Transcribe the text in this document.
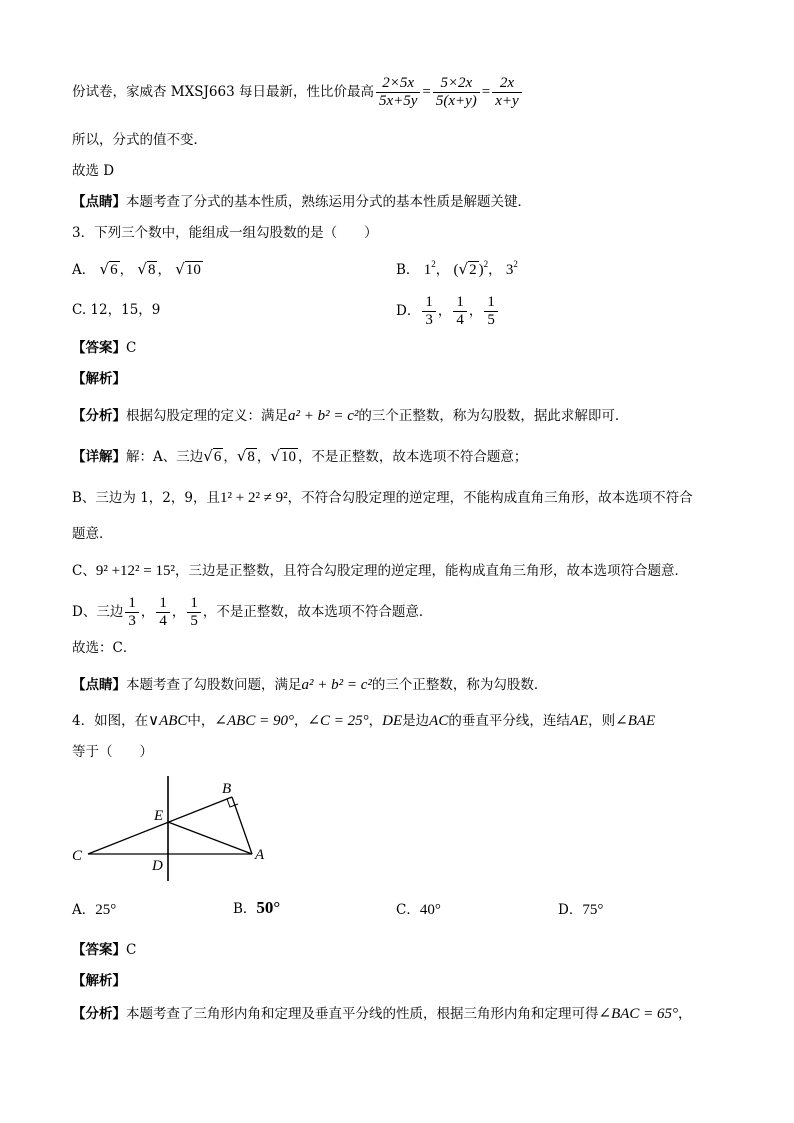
份试卷，家威杏 MXSJ663 每日最新，性比价最高 $\frac{2\times 5x}{5x+5y} = \frac{5\times 2x}{5(x+y)} = \frac{2x}{x+y}$
所以，分式的值不变．
故选 D
【点睛】本题考查了分式的基本性质，熟练运用分式的基本性质是解题关键．
3．下列三个数中，能组成一组勾股数的是（　　）
A． √6 ， √8 ， √10	B． $1^2$， (√2 )$^2$， $3^2$
C. 12，15，9	D． $\frac{1}{3}$ ， $\frac{1}{4}$ ， $\frac{1}{5}$
【答案】C
【解析】
【分析】根据勾股定理的定义：满足a² + b² = c²的三个正整数，称为勾股数，据此求解即可．
【详解】解：A、三边√6 ，√8 ，√10 ，不是正整数，故本选项不符合题意；
B、三边为 1，2，9，且1² + 2² ≠ 9²，不符合勾股定理的逆定理，不能构成直角三角形，故本选项不符合
题意．
C、9² +12² = 15²，三边是正整数，且符合勾股定理的逆定理，能构成直角三角形，故本选项符合题意．
D、三边 $\frac{1}{3}$ ， $\frac{1}{4}$ ， $\frac{1}{5}$ ，不是正整数，故本选项不符合题意．
故选：C．
【点睛】本题考查了勾股数问题，满足a² + b² = c²的三个正整数，称为勾股数．
4．如图，在∨ABC中，∠ABC = 90°，∠C = 25°，DE是边AC的垂直平分线，连结AE，则∠BAE
等于（　　）
B
E
C
D
A
A．25°	B．50°	C．40°	D．75°
【答案】C
【解析】
【分析】本题考查了三角形内角和定理及垂直平分线的性质，根据三角形内角和定理可得∠BAC = 65°，
